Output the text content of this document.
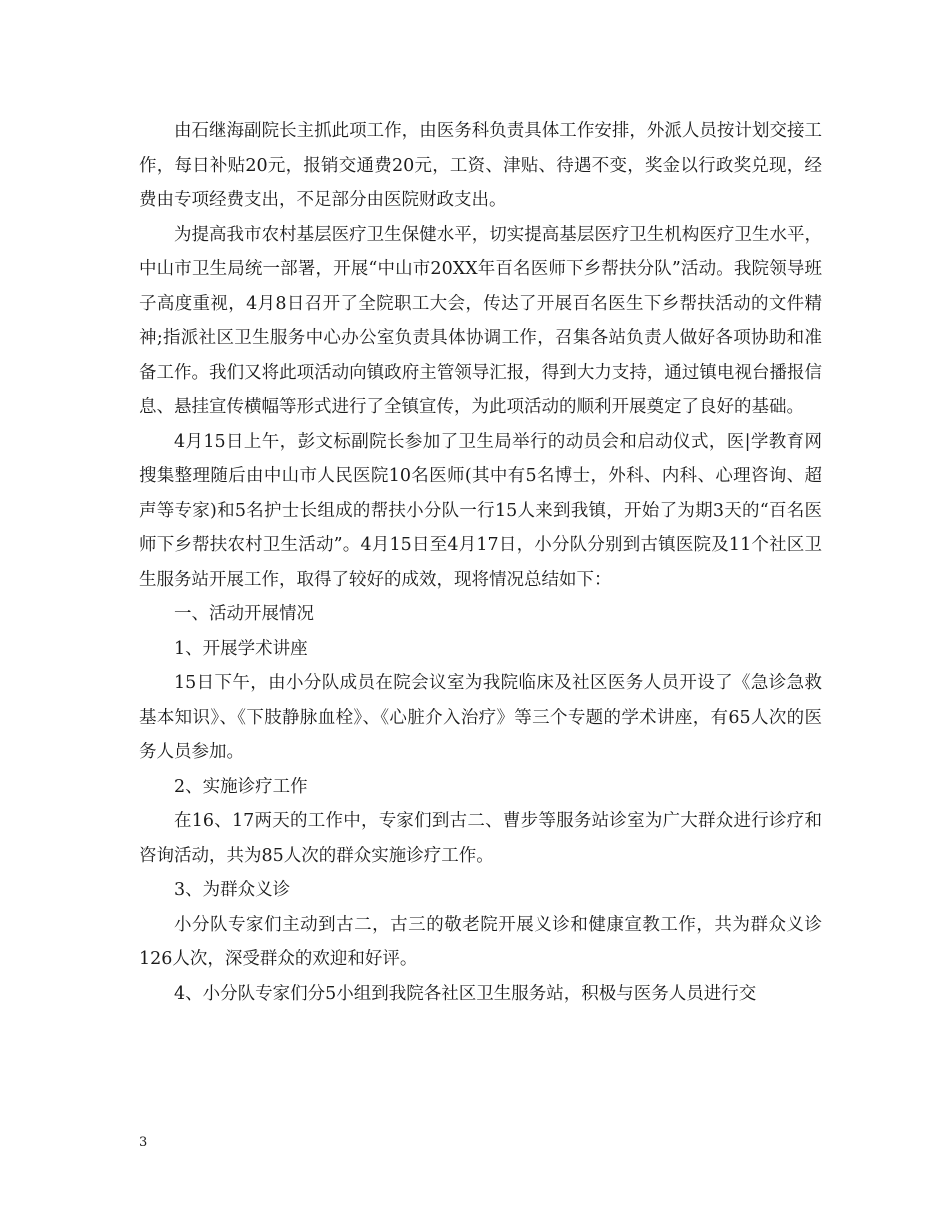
由石继海副院长主抓此项工作，由医务科负责具体工作安排，外派人员按计划交接工作，每日补贴20元，报销交通费20元，工资、津贴、待遇不变，奖金以行政奖兑现，经费由专项经费支出，不足部分由医院财政支出。

为提高我市农村基层医疗卫生保健水平，切实提高基层医疗卫生机构医疗卫生水平，中山市卫生局统一部署，开展“中山市20XX年百名医师下乡帮扶分队”活动。我院领导班子高度重视，4月8日召开了全院职工大会，传达了开展百名医生下乡帮扶活动的文件精神;指派社区卫生服务中心办公室负责具体协调工作，召集各站负责人做好各项协助和准备工作。我们又将此项活动向镇政府主管领导汇报，得到大力支持，通过镇电视台播报信息、悬挂宣传横幅等形式进行了全镇宣传，为此项活动的顺利开展奠定了良好的基础。

4月15日上午，彭文标副院长参加了卫生局举行的动员会和启动仪式，医|学教育网搜集整理随后由中山市人民医院10名医师(其中有5名博士，外科、内科、心理咨询、超声等专家)和5名护士长组成的帮扶小分队一行15人来到我镇，开始了为期3天的“百名医师下乡帮扶农村卫生活动”。4月15日至4月17日，小分队分别到古镇医院及11个社区卫生服务站开展工作，取得了较好的成效，现将情况总结如下：

一、活动开展情况

1、开展学术讲座

15日下午，由小分队成员在院会议室为我院临床及社区医务人员开设了《急诊急救基本知识》、《下肢静脉血栓》、《心脏介入治疗》等三个专题的学术讲座，有65人次的医务人员参加。

2、实施诊疗工作

在16、17两天的工作中，专家们到古二、曹步等服务站诊室为广大群众进行诊疗和咨询活动，共为85人次的群众实施诊疗工作。

3、为群众义诊

小分队专家们主动到古二，古三的敬老院开展义诊和健康宣教工作，共为群众义诊126人次，深受群众的欢迎和好评。

4、小分队专家们分5小组到我院各社区卫生服务站，积极与医务人员进行交

3
